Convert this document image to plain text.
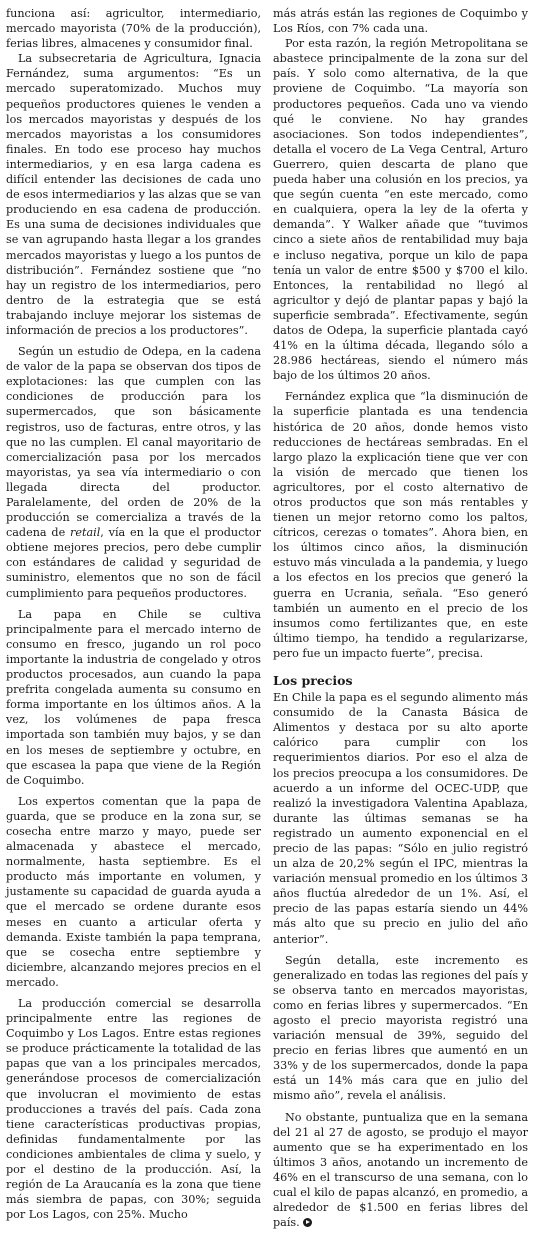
funciona así: agricultor, intermediario, mercado mayorista (70% de la producción), ferias libres, almacenes y consumidor final.

La subsecretaria de Agricultura, Ignacia Fernández, suma argumentos: “Es un mercado superatomizado. Muchos muy pequeños productores quienes le venden a los mercados mayoristas y después de los mercados mayoristas a los consumidores finales. En todo ese proceso hay muchos intermediarios, y en esa larga cadena es difícil entender las decisiones de cada uno de esos intermediarios y las alzas que se van produciendo en esa cadena de producción. Es una suma de decisiones individuales que se van agrupando hasta llegar a los grandes mercados mayoristas y luego a los puntos de distribución”. Fernández sostiene que “no hay un registro de los intermediarios, pero dentro de la estrategia que se está trabajando incluye mejorar los sistemas de información de precios a los productores”.

Según un estudio de Odepa, en la cadena de valor de la papa se observan dos tipos de explotaciones: las que cumplen con las condiciones de producción para los supermercados, que son básicamente registros, uso de facturas, entre otros, y las que no las cumplen. El canal mayoritario de comercialización pasa por los mercados mayoristas, ya sea vía intermediario o con llegada directa del productor. Paralelamente, del orden de 20% de la producción se comercializa a través de la cadena de retail, vía en la que el productor obtiene mejores precios, pero debe cumplir con estándares de calidad y seguridad de suministro, elementos que no son de fácil cumplimiento para pequeños productores.

La papa en Chile se cultiva principalmente para el mercado interno de consumo en fresco, jugando un rol poco importante la industria de congelado y otros productos procesados, aun cuando la papa prefrita congelada aumenta su consumo en forma importante en los últimos años. A la vez, los volúmenes de papa fresca importada son también muy bajos, y se dan en los meses de septiembre y octubre, en que escasea la papa que viene de la Región de Coquimbo.

Los expertos comentan que la papa de guarda, que se produce en la zona sur, se cosecha entre marzo y mayo, puede ser almacenada y abastece el mercado, normalmente, hasta septiembre. Es el producto más importante en volumen, y justamente su capacidad de guarda ayuda a que el mercado se ordene durante esos meses en cuanto a articular oferta y demanda. Existe también la papa temprana, que se cosecha entre septiembre y diciembre, alcanzando mejores precios en el mercado.

La producción comercial se desarrolla principalmente entre las regiones de Coquimbo y Los Lagos. Entre estas regiones se produce prácticamente la totalidad de las papas que van a los principales mercados, generándose procesos de comercialización que involucran el movimiento de estas producciones a través del país. Cada zona tiene características productivas propias, definidas fundamentalmente por las condiciones ambientales de clima y suelo, y por el destino de la producción. Así, la región de La Araucanía es la zona que tiene más siembra de papas, con 30%; seguida por Los Lagos, con 25%. Mucho

más atrás están las regiones de Coquimbo y Los Ríos, con 7% cada una.

Por esta razón, la región Metropolitana se abastece principalmente de la zona sur del país. Y solo como alternativa, de la que proviene de Coquimbo. “La mayoría son productores pequeños. Cada uno va viendo qué le conviene. No hay grandes asociaciones. Son todos independientes”, detalla el vocero de La Vega Central, Arturo Guerrero, quien descarta de plano que pueda haber una colusión en los precios, ya que según cuenta “en este mercado, como en cualquiera, opera la ley de la oferta y demanda”. Y Walker añade que “tuvimos cinco a siete años de rentabilidad muy baja e incluso negativa, porque un kilo de papa tenía un valor de entre $500 y $700 el kilo. Entonces, la rentabilidad no llegó al agricultor y dejó de plantar papas y bajó la superficie sembrada”. Efectivamente, según datos de Odepa, la superficie plantada cayó 41% en la última década, llegando sólo a 28.986 hectáreas, siendo el número más bajo de los últimos 20 años.

Fernández explica que “la disminución de la superficie plantada es una tendencia histórica de 20 años, donde hemos visto reducciones de hectáreas sembradas. En el largo plazo la explicación tiene que ver con la visión de mercado que tienen los agricultores, por el costo alternativo de otros productos que son más rentables y tienen un mejor retorno como los paltos, cítricos, cerezas o tomates”. Ahora bien, en los últimos cinco años, la disminución estuvo más vinculada a la pandemia, y luego a los efectos en los precios que generó la guerra en Ucrania, señala. “Eso generó también un aumento en el precio de los insumos como fertilizantes que, en este último tiempo, ha tendido a regularizarse, pero fue un impacto fuerte”, precisa.

Los precios

En Chile la papa es el segundo alimento más consumido de la Canasta Básica de Alimentos y destaca por su alto aporte calórico para cumplir con los requerimientos diarios. Por eso el alza de los precios preocupa a los consumidores. De acuerdo a un informe del OCEC-UDP, que realizó la investigadora Valentina Apablaza, durante las últimas semanas se ha registrado un aumento exponencial en el precio de las papas: “Sólo en julio registró un alza de 20,2% según el IPC, mientras la variación mensual promedio en los últimos 3 años fluctúa alrededor de un 1%. Así, el precio de las papas estaría siendo un 44% más alto que su precio en julio del año anterior”.

Según detalla, este incremento es generalizado en todas las regiones del país y se observa tanto en mercados mayoristas, como en ferias libres y supermercados. “En agosto el precio mayorista registró una variación mensual de 39%, seguido del precio en ferias libres que aumentó en un 33% y de los supermercados, donde la papa está un 14% más cara que en julio del mismo año”, revela el análisis.

No obstante, puntualiza que en la semana del 21 al 27 de agosto, se produjo el mayor aumento que se ha experimentado en los últimos 3 años, anotando un incremento de 46% en el transcurso de una semana, con lo cual el kilo de papas alcanzó, en promedio, a alrededor de $1.500 en ferias libres del país.
